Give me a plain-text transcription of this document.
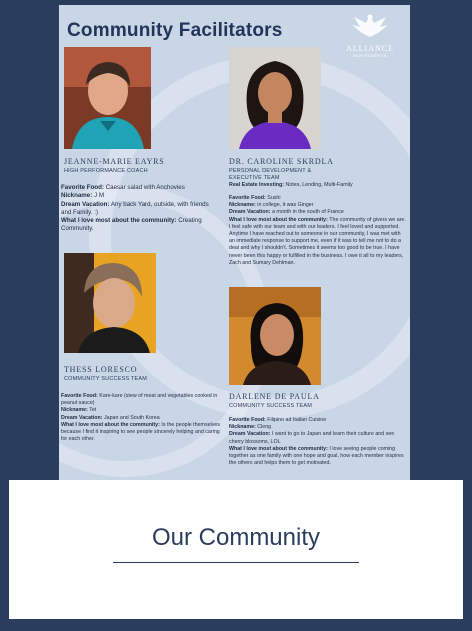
Community Facilitators
ALLIANCE
INVESTMENTS
JEANNE-MARIE EAYRS
HIGH PERFORMANCE COACH
Favorite Food: Caesar salad with Anchovies
Nickname: J M
Dream Vacation: Any back Yard, outside, with friends and Family. :)
What I love most about the community: Creating Community.
DR. CAROLINE SKRDLA
PERSONAL DEVELOPMENT & EXECUTIVE TEAM
Real Estate Investing: Notes, Lending, Multi-Family
Favorite Food: Sushi
Nickname: in college, it was Ginger
Dream Vacation: a month in the south of France
What I love most about the community: The community of givers we are. I feel safe with our team and with our leaders. I feel loved and supported. Anytime I have reached out to someone in our community, I was met with an immediate response to support me, even if it was to tell me not to do a deal and why I shouldn't. Sometimes it seems too good to be true. I have never been this happy or fulfilled in the business. I owe it all to my leaders, Zach and Sumary Dehlman.
THESS LORESCO
COMMUNITY SUCCESS TEAM
Favorite Food: Kare-kare (stew of meat and vegetables cooked in peanut sauce)
Nickname: Tet
Dream Vacation: Japan and South Korea
What I love most about the community: Is the people themselves because I find it inspiring to see people sincerely helping and caring for each other.
DARLENE DE PAULA
COMMUNITY SUCCESS TEAM
Favorite Food: Filipino ad Italian Cuisine
Nickname: Cleng
Dream Vacation: I want to go to Japan and learn their culture and see cherry blossoms, LOL
What I love most about the community: I love seeing people coming together as one family with one hope and goal, how each member inspires the others and helps them to get motivated.
Our Community
